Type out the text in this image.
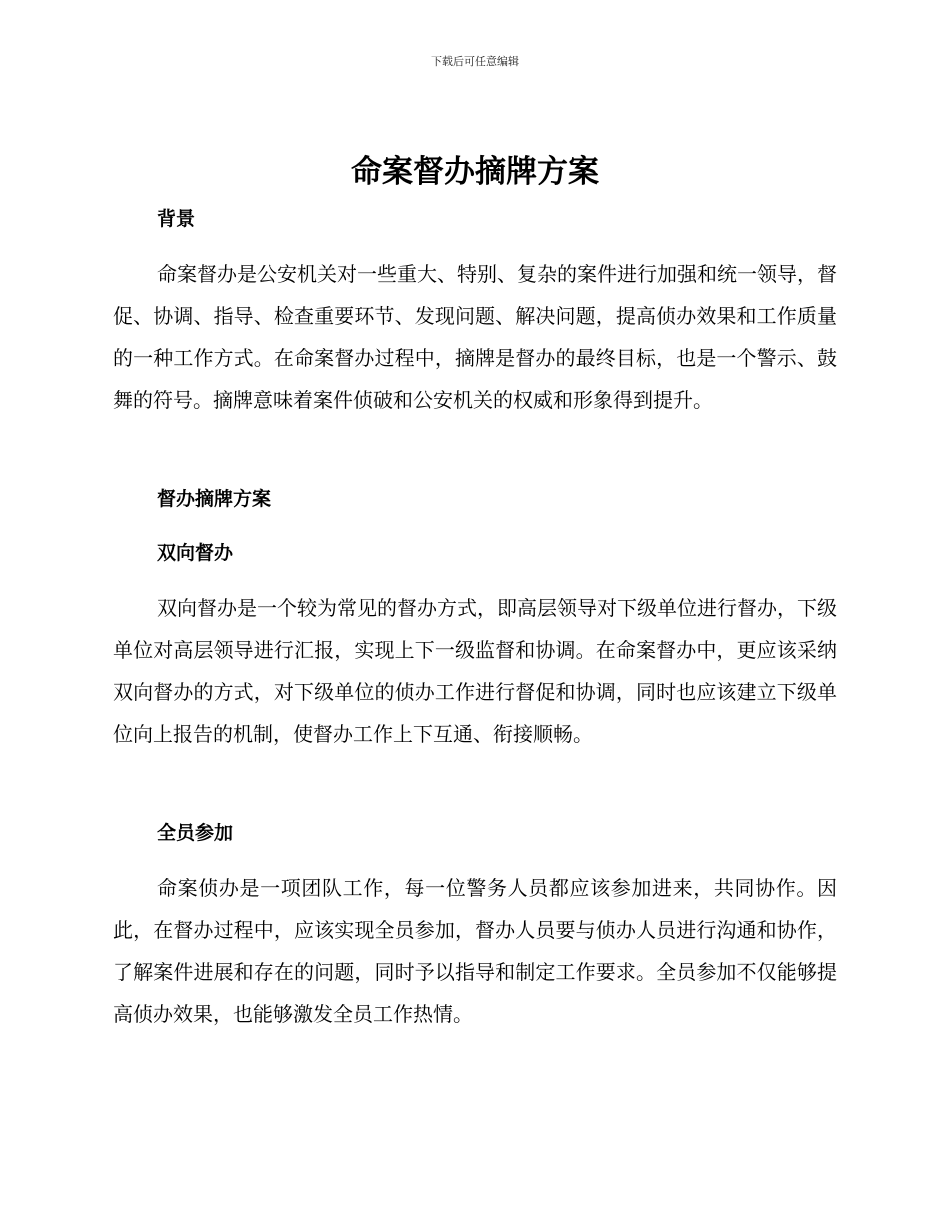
下载后可任意编辑
命案督办摘牌方案
背景

命案督办是公安机关对一些重大、特别、复杂的案件进行加强和统一领导，督促、协调、指导、检查重要环节、发现问题、解决问题，提高侦办效果和工作质量的一种工作方式。在命案督办过程中，摘牌是督办的最终目标，也是一个警示、鼓舞的符号。摘牌意味着案件侦破和公安机关的权威和形象得到提升。

督办摘牌方案
双向督办

双向督办是一个较为常见的督办方式，即高层领导对下级单位进行督办，下级单位对高层领导进行汇报，实现上下一级监督和协调。在命案督办中，更应该采纳双向督办的方式，对下级单位的侦办工作进行督促和协调，同时也应该建立下级单位向上报告的机制，使督办工作上下互通、衔接顺畅。

全员参加

命案侦办是一项团队工作，每一位警务人员都应该参加进来，共同协作。因此，在督办过程中，应该实现全员参加，督办人员要与侦办人员进行沟通和协作，了解案件进展和存在的问题，同时予以指导和制定工作要求。全员参加不仅能够提高侦办效果，也能够激发全员工作热情。
